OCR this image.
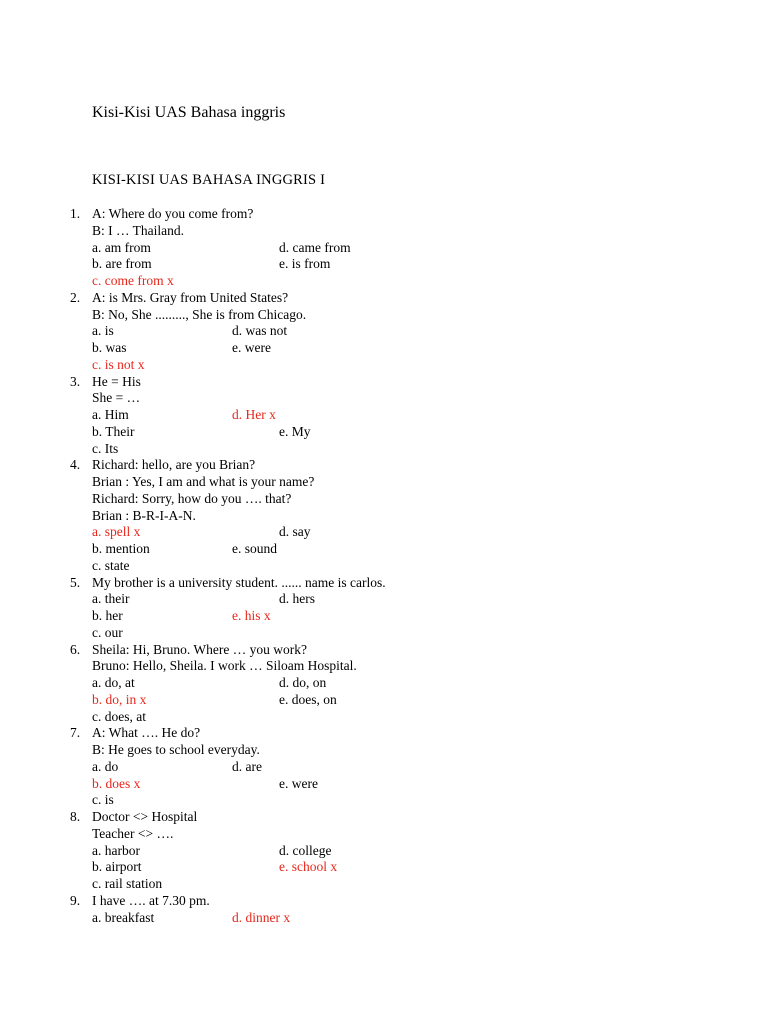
Kisi-Kisi UAS Bahasa inggris
KISI-KISI UAS BAHASA INGGRIS I
1. A: Where do you come from?
B: I … Thailand.
a. am from	d. came from
b. are from	e. is from
c. come from x
2. A: is Mrs. Gray from United States?
B: No, She ........., She is from Chicago.
a. is	d. was not
b. was	e. were
c. is not x
3. He = His
She = …
a. Him	d. Her x
b. Their	e. My
c. Its
4. Richard: hello, are you Brian?
Brian : Yes, I am and what is your name?
Richard: Sorry, how do you …. that?
Brian : B-R-I-A-N.
a. spell x	d. say
b. mention	e. sound
c. state
5. My brother is a university student. ...... name is carlos.
a. their	d. hers
b. her	e. his x
c. our
6. Sheila: Hi, Bruno. Where … you work?
Bruno: Hello, Sheila. I work … Siloam Hospital.
a. do, at	d. do, on
b. do, in x	e. does, on
c. does, at
7. A: What …. He do?
B: He goes to school everyday.
a. do	d. are
b. does x	e. were
c. is
8. Doctor <> Hospital
Teacher <> ….
a. harbor	d. college
b. airport	e. school x
c. rail station
9. I have …. at 7.30 pm.
a. breakfast	d. dinner x
